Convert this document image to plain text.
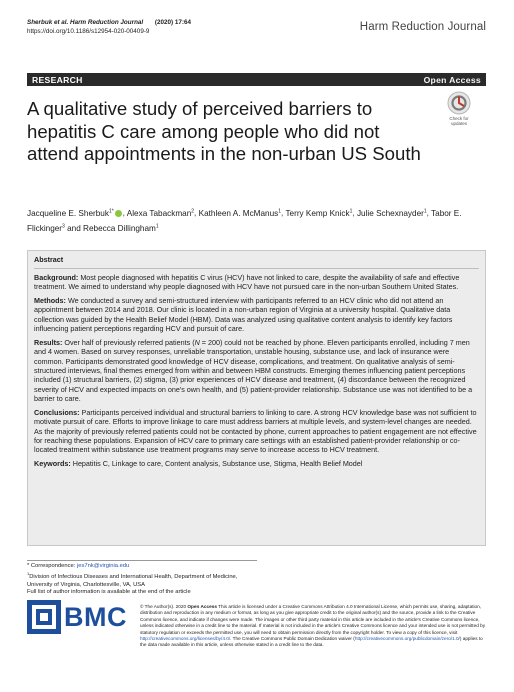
Sherbuk et al. Harm Reduction Journal (2020) 17:64
https://doi.org/10.1186/s12954-020-00409-9	Harm Reduction Journal
RESEARCH	Open Access
A qualitative study of perceived barriers to hepatitis C care among people who did not attend appointments in the non-urban US South
Check for
updates
Jacqueline E. Sherbuk$^{1*}$ , Alexa Tabackman$^2$, Kathleen A. McManus$^1$, Terry Kemp Knick$^1$, Julie Schexnayder$^1$, Tabor E. Flickinger$^3$ and Rebecca Dillingham$^1$
Abstract

Background: Most people diagnosed with hepatitis C virus (HCV) have not linked to care, despite the availability of safe and effective treatment. We aimed to understand why people diagnosed with HCV have not pursued care in the non-urban Southern United States.

Methods: We conducted a survey and semi-structured interview with participants referred to an HCV clinic who did not attend an appointment between 2014 and 2018. Our clinic is located in a non-urban region of Virginia at a university hospital. Qualitative data collection was guided by the Health Belief Model (HBM). Data was analyzed using qualitative content analysis to identify key factors influencing patient perceptions regarding HCV and pursuit of care.

Results: Over half of previously referred patients (N = 200) could not be reached by phone. Eleven participants enrolled, including 7 men and 4 women. Based on survey responses, unreliable transportation, unstable housing, substance use, and lack of insurance were common. Participants demonstrated good knowledge of HCV disease, complications, and treatment. On qualitative analysis of semi-structured interviews, final themes emerged from within and between HBM constructs. Emerging themes influencing patient perceptions included (1) structural barriers, (2) stigma, (3) prior experiences of HCV disease and treatment, (4) discordance between the recognized severity of HCV and expected impacts on one's own health, and (5) patient-provider relationship. Substance use was not identified to be a barrier to care.

Conclusions: Participants perceived individual and structural barriers to linking to care. A strong HCV knowledge base was not sufficient to motivate pursuit of care. Efforts to improve linkage to care must address barriers at multiple levels, and system-level changes are needed. As the majority of previously referred patients could not be contacted by phone, current approaches to patient engagement are not effective for reaching these populations. Expansion of HCV care to primary care settings with an established patient-provider relationship or co-located treatment within substance use treatment programs may serve to increase access to HCV treatment.

Keywords: Hepatitis C, Linkage to care, Content analysis, Substance use, Stigma, Health Belief Model

* Correspondence: jes7nk@virginia.edu
$^1$Division of Infectious Diseases and International Health, Department of Medicine, University of Virginia, Charlottesville, VA, USA
Full list of author information is available at the end of the article
BMC	© The Author(s). 2020 Open Access This article is licensed under a Creative Commons Attribution 4.0 International License, which permits use, sharing, adaptation, distribution and reproduction in any medium or format, as long as you give appropriate credit to the original author(s) and the source, provide a link to the Creative Commons licence, and indicate if changes were made. The images or other third party material in this article are included in the article's Creative Commons licence, unless indicated otherwise in a credit line to the material. If material is not included in the article's Creative Commons licence and your intended use is not permitted by statutory regulation or exceeds the permitted use, you will need to obtain permission directly from the copyright holder. To view a copy of this licence, visit http://creativecommons.org/licenses/by/4.0/. The Creative Commons Public Domain Dedication waiver (http://creativecommons.org/publicdomain/zero/1.0/) applies to the data made available in this article, unless otherwise stated in a credit line to the data.
